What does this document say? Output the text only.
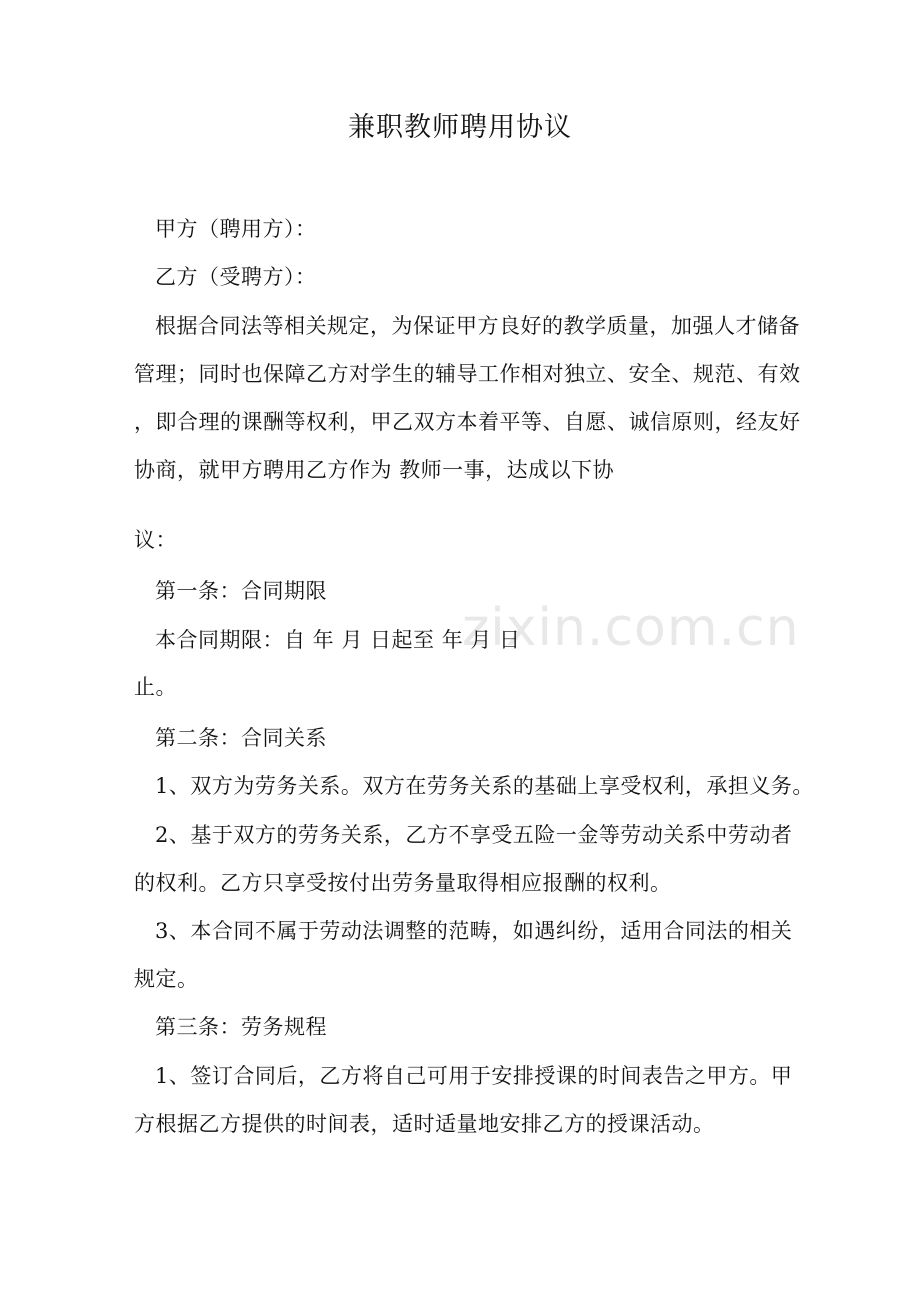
zixin.com.cn
兼职教师聘用协议
甲方（聘用方）：
乙方（受聘方）：
根据合同法等相关规定，为保证甲方良好的教学质量，加强人才储备
管理；同时也保障乙方对学生的辅导工作相对独立、安全、规范、有效
，即合理的课酬等权利，甲乙双方本着平等、自愿、诚信原则，经友好
协商，就甲方聘用乙方作为 教师一事，达成以下协
议：
第一条：合同期限
本合同期限：自 年 月 日起至 年 月 日
止。
第二条：合同关系
1、双方为劳务关系。双方在劳务关系的基础上享受权利，承担义务。
2、基于双方的劳务关系，乙方不享受五险一金等劳动关系中劳动者
的权利。乙方只享受按付出劳务量取得相应报酬的权利。
3、本合同不属于劳动法调整的范畴，如遇纠纷，适用合同法的相关
规定。
第三条：劳务规程
1、签订合同后，乙方将自己可用于安排授课的时间表告之甲方。甲
方根据乙方提供的时间表，适时适量地安排乙方的授课活动。
